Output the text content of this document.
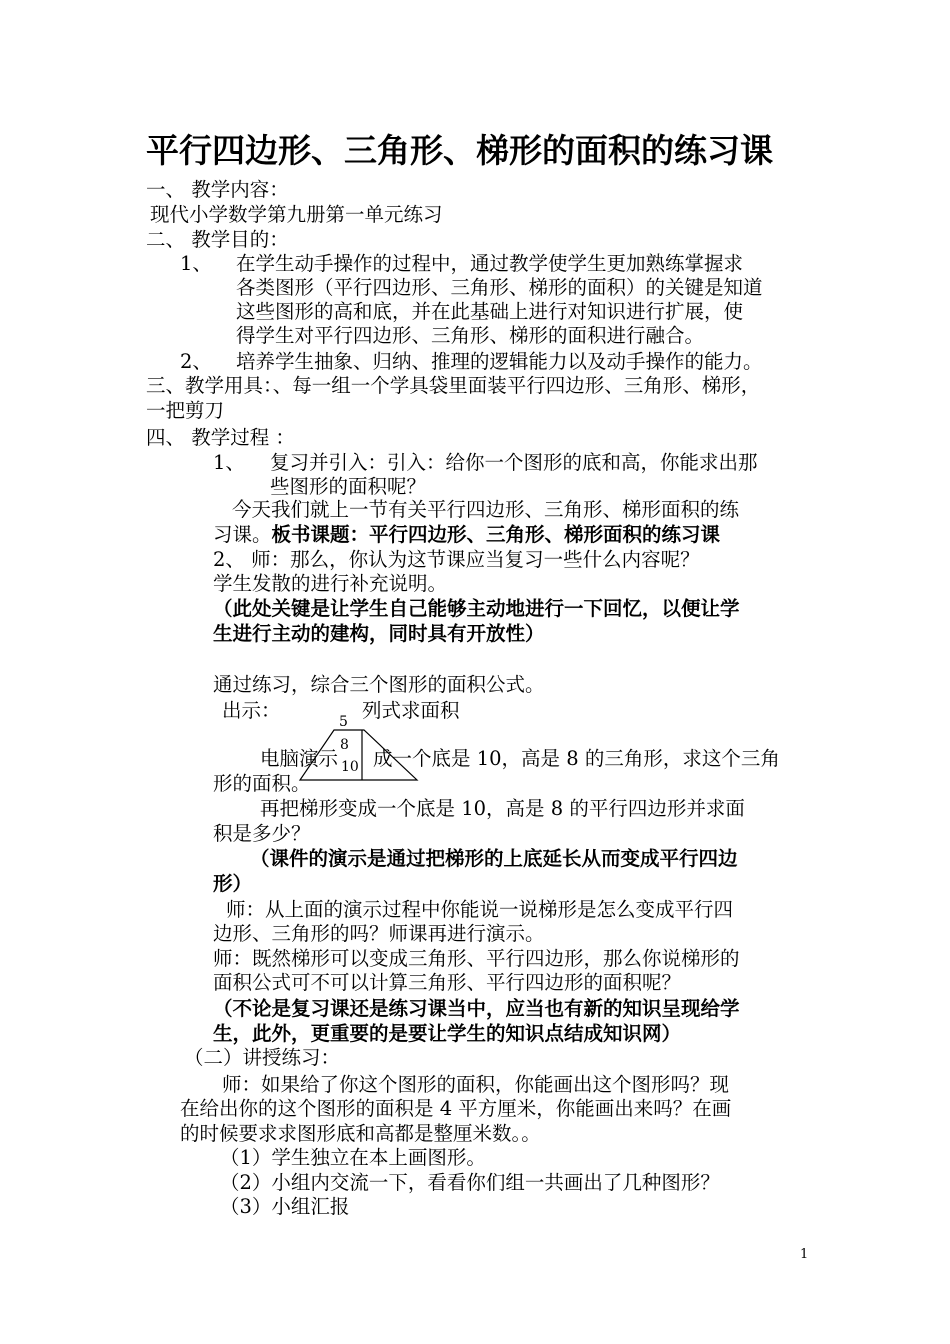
平行四边形、三角形、梯形的面积的练习课
一、 教学内容：
现代小学数学第九册第一单元练习
二、 教学目的：
1、 在学生动手操作的过程中，通过教学使学生更加熟练掌握求
各类图形（平行四边形、三角形、梯形的面积）的关键是知道
这些图形的高和底，并在此基础上进行对知识进行扩展，使
得学生对平行四边形、三角形、梯形的面积进行融合。
2、 培养学生抽象、归纳、推理的逻辑能力以及动手操作的能力。
三、教学用具：、每一组一个学具袋里面装平行四边形、三角形、梯形，
一把剪刀
四、 教学过程 ：
1、 复习并引入：引入：给你一个图形的底和高，你能求出那
些图形的面积呢？
今天我们就上一节有关平行四边形、三角形、梯形面积的练
习课。板书课题：平行四边形、三角形、梯形面积的练习课
2、 师：那么，你认为这节课应当复习一些什么内容呢？
学生发散的进行补充说明。
（此处关键是让学生自己能够主动地进行一下回忆，以便让学
生进行主动的建构，同时具有开放性）
通过练习，综合三个图形的面积公式。
出示：	列式求面积
电脑演示 成一个底是 10，高是 8 的三角形，求这个三角
形的面积。
5
8
10
再把梯形变成一个底是 10，高是 8 的平行四边形并求面
积是多少？
（课件的演示是通过把梯形的上底延长从而变成平行四边
形）
师：从上面的演示过程中你能说一说梯形是怎么变成平行四
边形、三角形的吗？师课再进行演示。
师：既然梯形可以变成三角形、平行四边形，那么你说梯形的
面积公式可不可以计算三角形、平行四边形的面积呢？
（不论是复习课还是练习课当中，应当也有新的知识呈现给学
生，此外，更重要的是要让学生的知识点结成知识网）
（二）讲授练习：
师：如果给了你这个图形的面积，你能画出这个图形吗？现
在给出你的这个图形的面积是 4 平方厘米，你能画出来吗？在画
的时候要求求图形底和高都是整厘米数。。
（1）学生独立在本上画图形。
（2）小组内交流一下，看看你们组一共画出了几种图形？
（3）小组汇报
1
